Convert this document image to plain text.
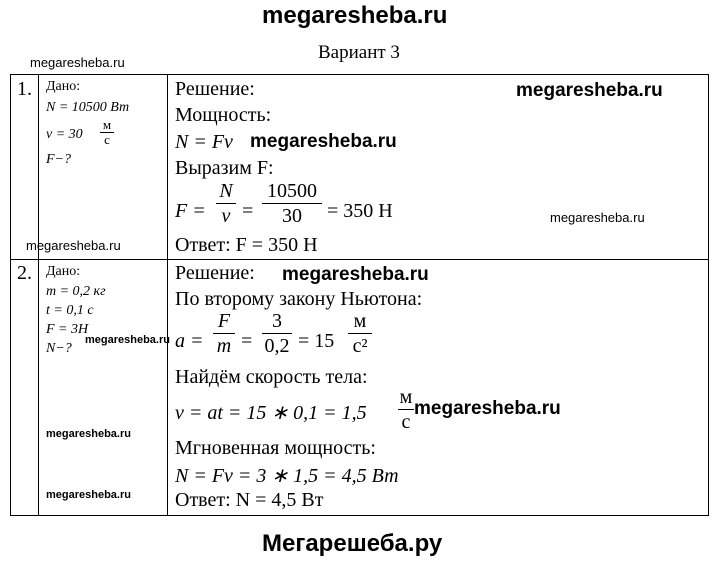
megaresheba.ru
Вариант 3
megaresheba.ru
1. Дано:
N = 10500 Вт
v = 30
м
с
F−?
Решение:
Мощность:
N = Fv
Выразим F:
F =
N
v =
10500
30	= 350 Н
Ответ: F = 350 Н
megaresheba.ru
megaresheba.ru
megaresheba.ru
megaresheba.ru
2. Дано:
m = 0,2 кг
t = 0,1 с
F = 3Н
N−?
Решение:
По второму закону Ньютона:
a =
F
m =
3
0,2 = 15
м
с²
Найдём скорость тела:
v = at = 15 ∗ 0,1 = 1,5
м
с
Мгновенная мощность:
N = Fv = 3 ∗ 1,5 = 4,5 Вт
Ответ: N = 4,5 Вт
megaresheba.ru
megaresheba.ru
megaresheba.ru
megaresheba.ru
megaresheba.ru
Мегарешеба.ру
